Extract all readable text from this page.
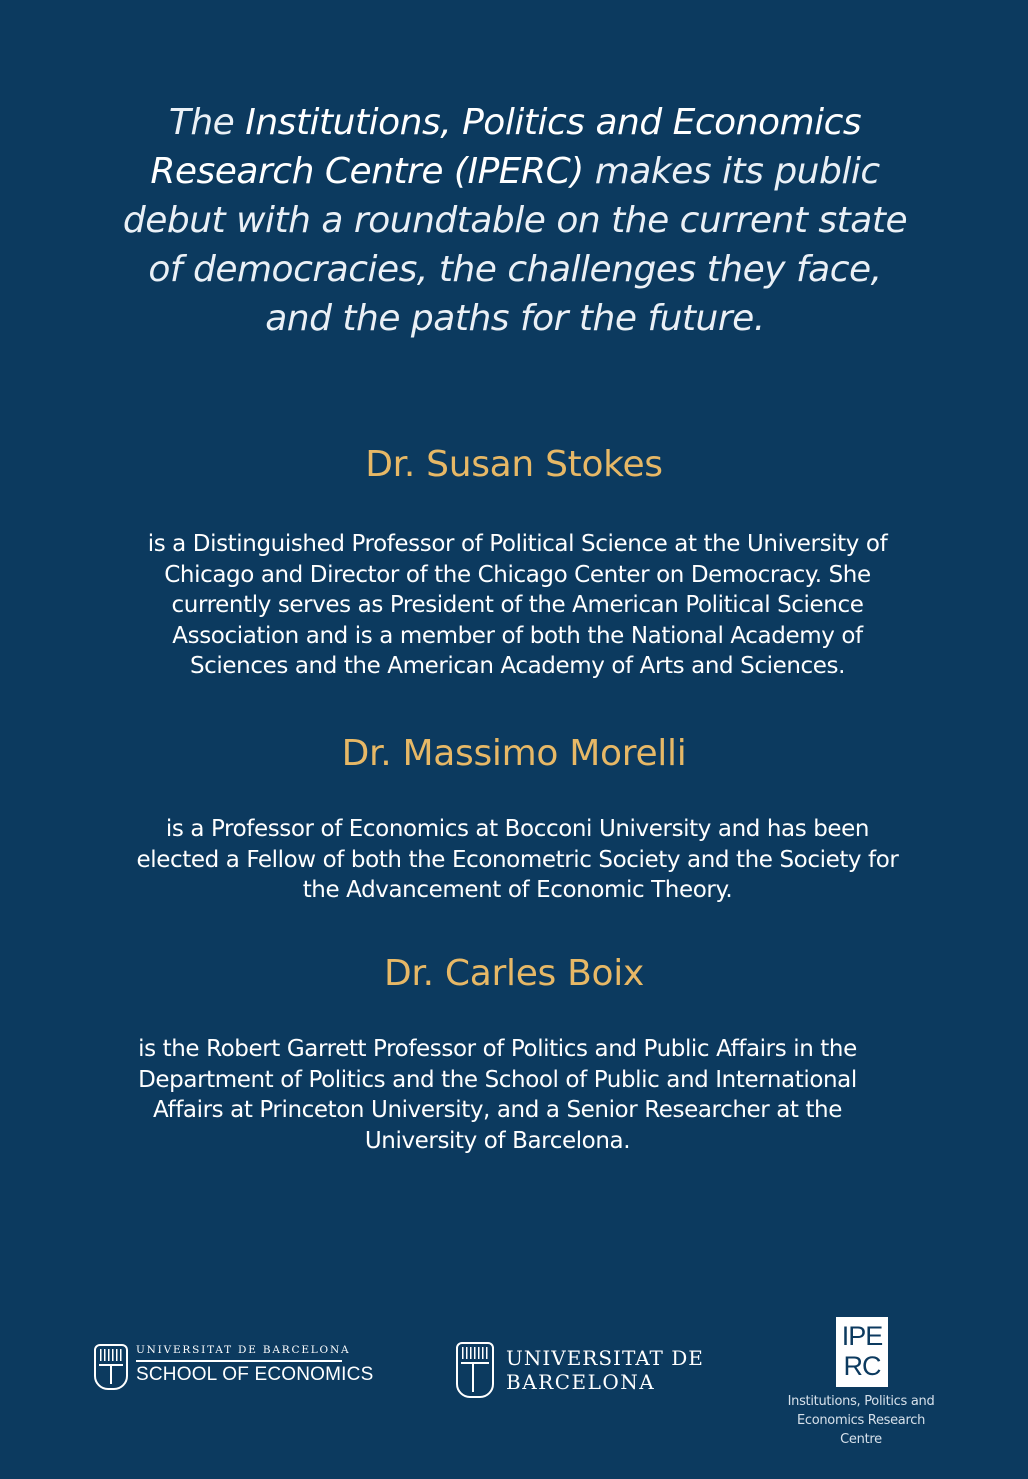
The Institutions, Politics and Economics Research Centre (IPERC) makes its public debut with a roundtable on the current state of democracies, the challenges they face, and the paths for the future.
Dr. Susan Stokes
is a Distinguished Professor of Political Science at the University of Chicago and Director of the Chicago Center on Democracy. She currently serves as President of the American Political Science Association and is a member of both the National Academy of Sciences and the American Academy of Arts and Sciences.
Dr. Massimo Morelli
is a Professor of Economics at Bocconi University and has been elected a Fellow of both the Econometric Society and the Society for the Advancement of Economic Theory.
Dr. Carles Boix
is the Robert Garrett Professor of Politics and Public Affairs in the Department of Politics and the School of Public and International Affairs at Princeton University, and a Senior Researcher at the University of Barcelona.
UNIVERSITAT DE BARCELONA
SCHOOL OF ECONOMICS
UNIVERSITAT DE
BARCELONA
IPE
RC
Institutions, Politics and Economics Research Centre
